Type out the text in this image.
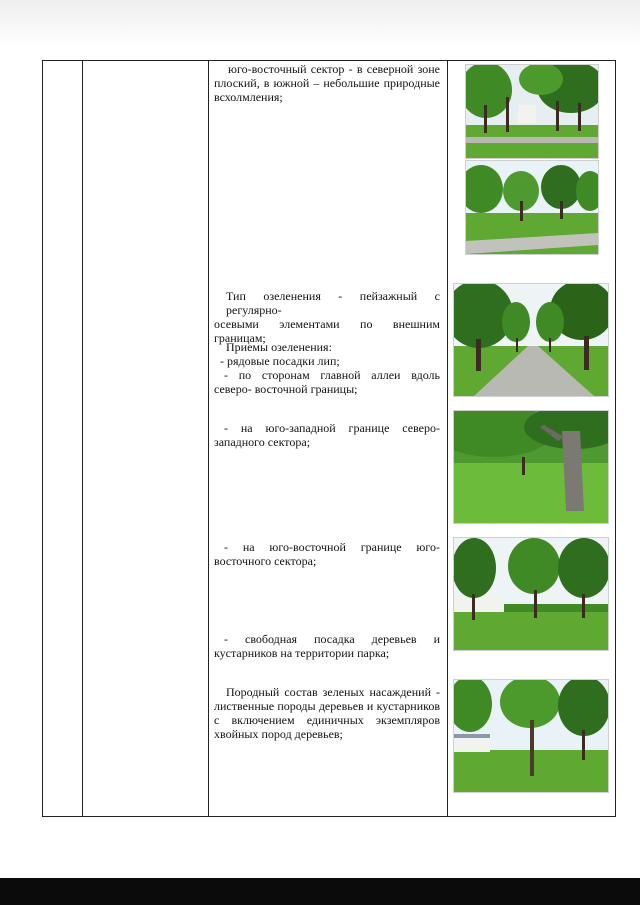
юго-восточный сектор - в северной зоне

плоский, в южной – небольшие природные

всхолмления;

Тип озеленения - пейзажный с регулярно-

осевыми элементами по внешним

границам;

Приемы озеленения:

- рядовые посадки лип;

- по сторонам главной аллеи вдоль

северо- восточной границы;

- на юго-западной границе северо-

западного сектора;

- на юго-восточной границе юго-

восточного сектора;

- свободная посадка деревьев и

кустарников на территории парка;

Породный состав зеленых насаждений -

лиственные породы деревьев и кустарников

с включением единичных экземпляров

хвойных пород деревьев;
